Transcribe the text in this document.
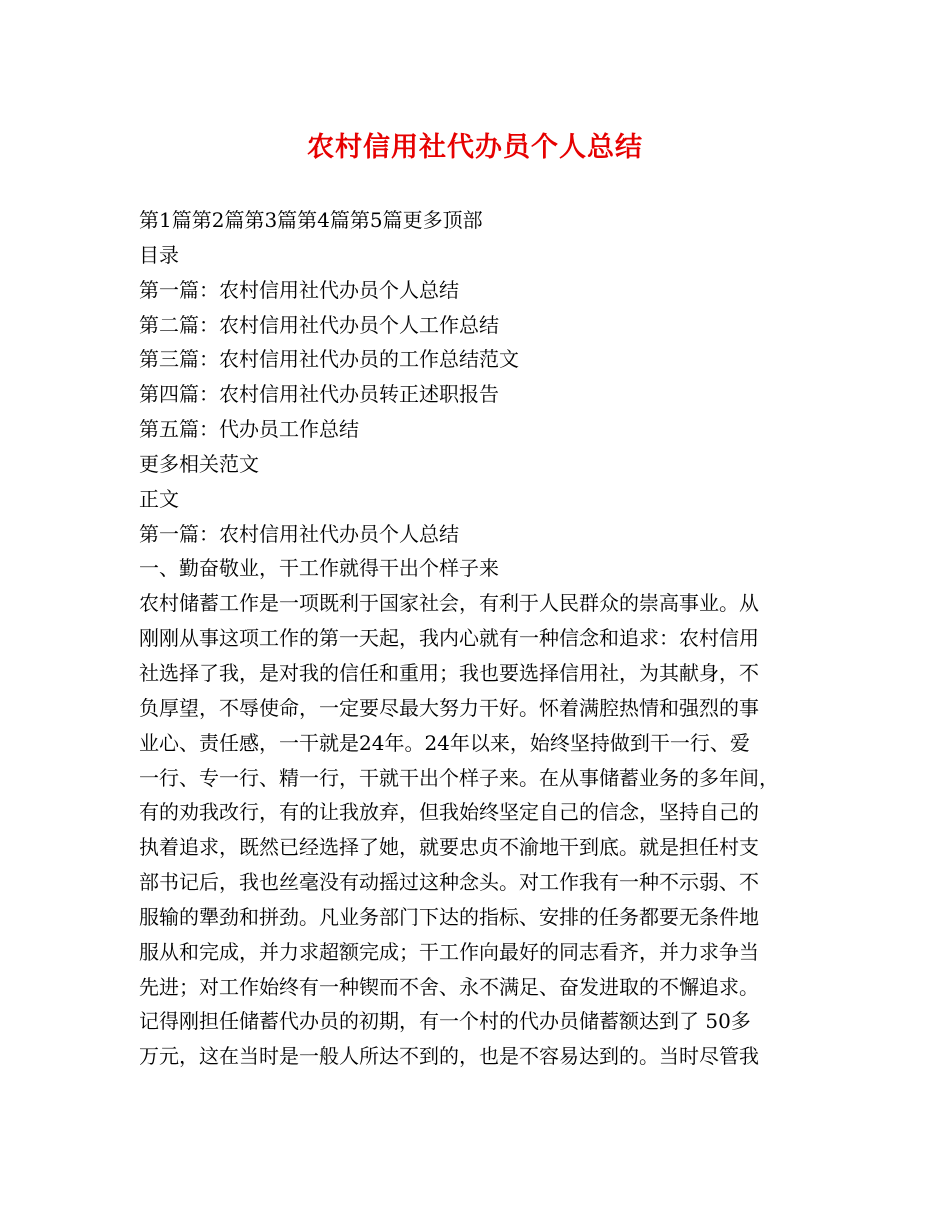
农村信用社代办员个人总结
第1篇第2篇第3篇第4篇第5篇更多顶部
目录
第一篇：农村信用社代办员个人总结
第二篇：农村信用社代办员个人工作总结
第三篇：农村信用社代办员的工作总结范文
第四篇：农村信用社代办员转正述职报告
第五篇：代办员工作总结
更多相关范文
正文
第一篇：农村信用社代办员个人总结
一、勤奋敬业，干工作就得干出个样子来
农村储蓄工作是一项既利于国家社会，有利于人民群众的崇高事业。从
刚刚从事这项工作的第一天起，我内心就有一种信念和追求：农村信用
社选择了我，是对我的信任和重用；我也要选择信用社，为其献身，不
负厚望，不辱使命，一定要尽最大努力干好。怀着满腔热情和强烈的事
业心、责任感，一干就是24年。24年以来，始终坚持做到干一行、爱
一行、专一行、精一行，干就干出个样子来。在从事储蓄业务的多年间，
有的劝我改行，有的让我放弃，但我始终坚定自己的信念，坚持自己的
执着追求，既然已经选择了她，就要忠贞不渝地干到底。就是担任村支
部书记后，我也丝毫没有动摇过这种念头。对工作我有一种不示弱、不
服输的犟劲和拼劲。凡业务部门下达的指标、安排的任务都要无条件地
服从和完成，并力求超额完成；干工作向最好的同志看齐，并力求争当
先进；对工作始终有一种锲而不舍、永不满足、奋发进取的不懈追求。
记得刚担任储蓄代办员的初期，有一个村的代办员储蓄额达到了 50多
万元，这在当时是一般人所达不到的，也是不容易达到的。当时尽管我
